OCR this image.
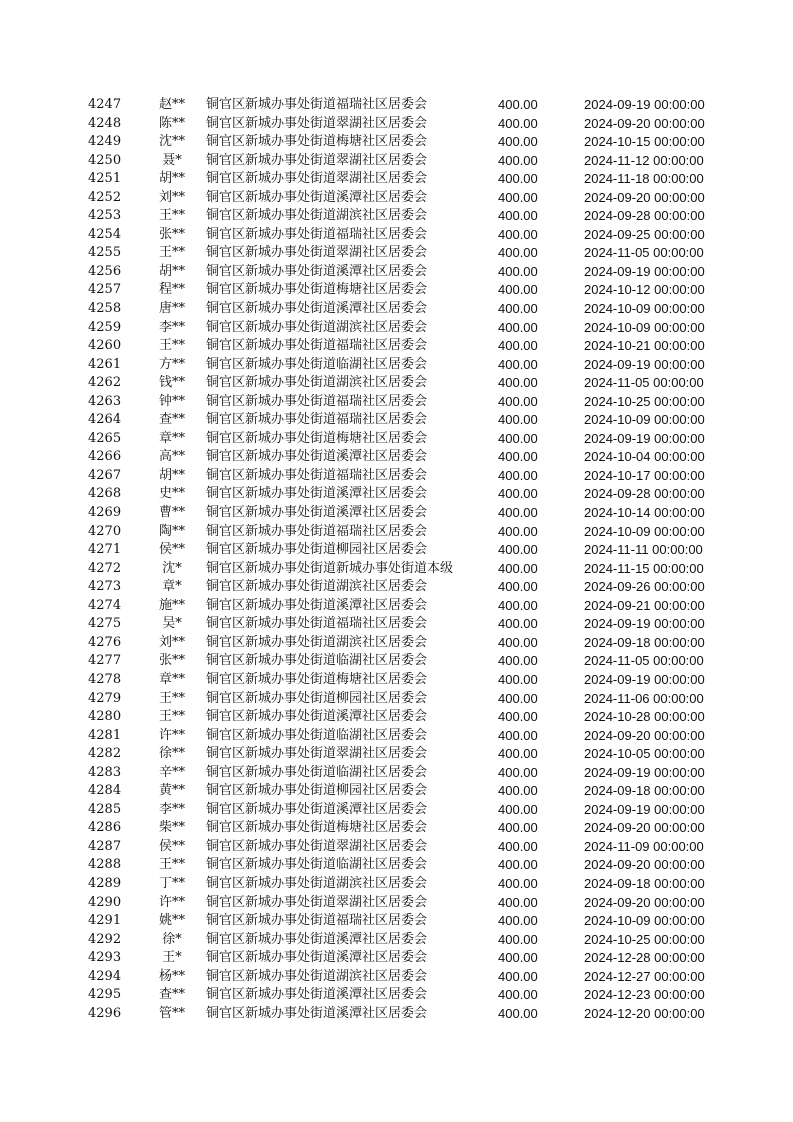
4247	赵**	铜官区新城办事处街道福瑞社区居委会	400.00	2024-09-19 00:00:00
4248	陈**	铜官区新城办事处街道翠湖社区居委会	400.00	2024-09-20 00:00:00
4249	沈**	铜官区新城办事处街道梅塘社区居委会	400.00	2024-10-15 00:00:00
4250	聂*	铜官区新城办事处街道翠湖社区居委会	400.00	2024-11-12 00:00:00
4251	胡**	铜官区新城办事处街道翠湖社区居委会	400.00	2024-11-18 00:00:00
4252	刘**	铜官区新城办事处街道溪潭社区居委会	400.00	2024-09-20 00:00:00
4253	王**	铜官区新城办事处街道湖滨社区居委会	400.00	2024-09-28 00:00:00
4254	张**	铜官区新城办事处街道福瑞社区居委会	400.00	2024-09-25 00:00:00
4255	王**	铜官区新城办事处街道翠湖社区居委会	400.00	2024-11-05 00:00:00
4256	胡**	铜官区新城办事处街道溪潭社区居委会	400.00	2024-09-19 00:00:00
4257	程**	铜官区新城办事处街道梅塘社区居委会	400.00	2024-10-12 00:00:00
4258	唐**	铜官区新城办事处街道溪潭社区居委会	400.00	2024-10-09 00:00:00
4259	李**	铜官区新城办事处街道湖滨社区居委会	400.00	2024-10-09 00:00:00
4260	王**	铜官区新城办事处街道福瑞社区居委会	400.00	2024-10-21 00:00:00
4261	方**	铜官区新城办事处街道临湖社区居委会	400.00	2024-09-19 00:00:00
4262	钱**	铜官区新城办事处街道湖滨社区居委会	400.00	2024-11-05 00:00:00
4263	钟**	铜官区新城办事处街道福瑞社区居委会	400.00	2024-10-25 00:00:00
4264	查**	铜官区新城办事处街道福瑞社区居委会	400.00	2024-10-09 00:00:00
4265	章**	铜官区新城办事处街道梅塘社区居委会	400.00	2024-09-19 00:00:00
4266	高**	铜官区新城办事处街道溪潭社区居委会	400.00	2024-10-04 00:00:00
4267	胡**	铜官区新城办事处街道福瑞社区居委会	400.00	2024-10-17 00:00:00
4268	史**	铜官区新城办事处街道溪潭社区居委会	400.00	2024-09-28 00:00:00
4269	曹**	铜官区新城办事处街道溪潭社区居委会	400.00	2024-10-14 00:00:00
4270	陶**	铜官区新城办事处街道福瑞社区居委会	400.00	2024-10-09 00:00:00
4271	侯**	铜官区新城办事处街道柳园社区居委会	400.00	2024-11-11 00:00:00
4272	沈*	铜官区新城办事处街道新城办事处街道本级	400.00	2024-11-15 00:00:00
4273	章*	铜官区新城办事处街道湖滨社区居委会	400.00	2024-09-26 00:00:00
4274	施**	铜官区新城办事处街道溪潭社区居委会	400.00	2024-09-21 00:00:00
4275	吴*	铜官区新城办事处街道福瑞社区居委会	400.00	2024-09-19 00:00:00
4276	刘**	铜官区新城办事处街道湖滨社区居委会	400.00	2024-09-18 00:00:00
4277	张**	铜官区新城办事处街道临湖社区居委会	400.00	2024-11-05 00:00:00
4278	章**	铜官区新城办事处街道梅塘社区居委会	400.00	2024-09-19 00:00:00
4279	王**	铜官区新城办事处街道柳园社区居委会	400.00	2024-11-06 00:00:00
4280	王**	铜官区新城办事处街道溪潭社区居委会	400.00	2024-10-28 00:00:00
4281	许**	铜官区新城办事处街道临湖社区居委会	400.00	2024-09-20 00:00:00
4282	徐**	铜官区新城办事处街道翠湖社区居委会	400.00	2024-10-05 00:00:00
4283	辛**	铜官区新城办事处街道临湖社区居委会	400.00	2024-09-19 00:00:00
4284	黄**	铜官区新城办事处街道柳园社区居委会	400.00	2024-09-18 00:00:00
4285	李**	铜官区新城办事处街道溪潭社区居委会	400.00	2024-09-19 00:00:00
4286	柴**	铜官区新城办事处街道梅塘社区居委会	400.00	2024-09-20 00:00:00
4287	侯**	铜官区新城办事处街道翠湖社区居委会	400.00	2024-11-09 00:00:00
4288	王**	铜官区新城办事处街道临湖社区居委会	400.00	2024-09-20 00:00:00
4289	丁**	铜官区新城办事处街道湖滨社区居委会	400.00	2024-09-18 00:00:00
4290	许**	铜官区新城办事处街道翠湖社区居委会	400.00	2024-09-20 00:00:00
4291	姚**	铜官区新城办事处街道福瑞社区居委会	400.00	2024-10-09 00:00:00
4292	徐*	铜官区新城办事处街道溪潭社区居委会	400.00	2024-10-25 00:00:00
4293	王*	铜官区新城办事处街道溪潭社区居委会	400.00	2024-12-28 00:00:00
4294	杨**	铜官区新城办事处街道湖滨社区居委会	400.00	2024-12-27 00:00:00
4295	查**	铜官区新城办事处街道溪潭社区居委会	400.00	2024-12-23 00:00:00
4296	管**	铜官区新城办事处街道溪潭社区居委会	400.00	2024-12-20 00:00:00
